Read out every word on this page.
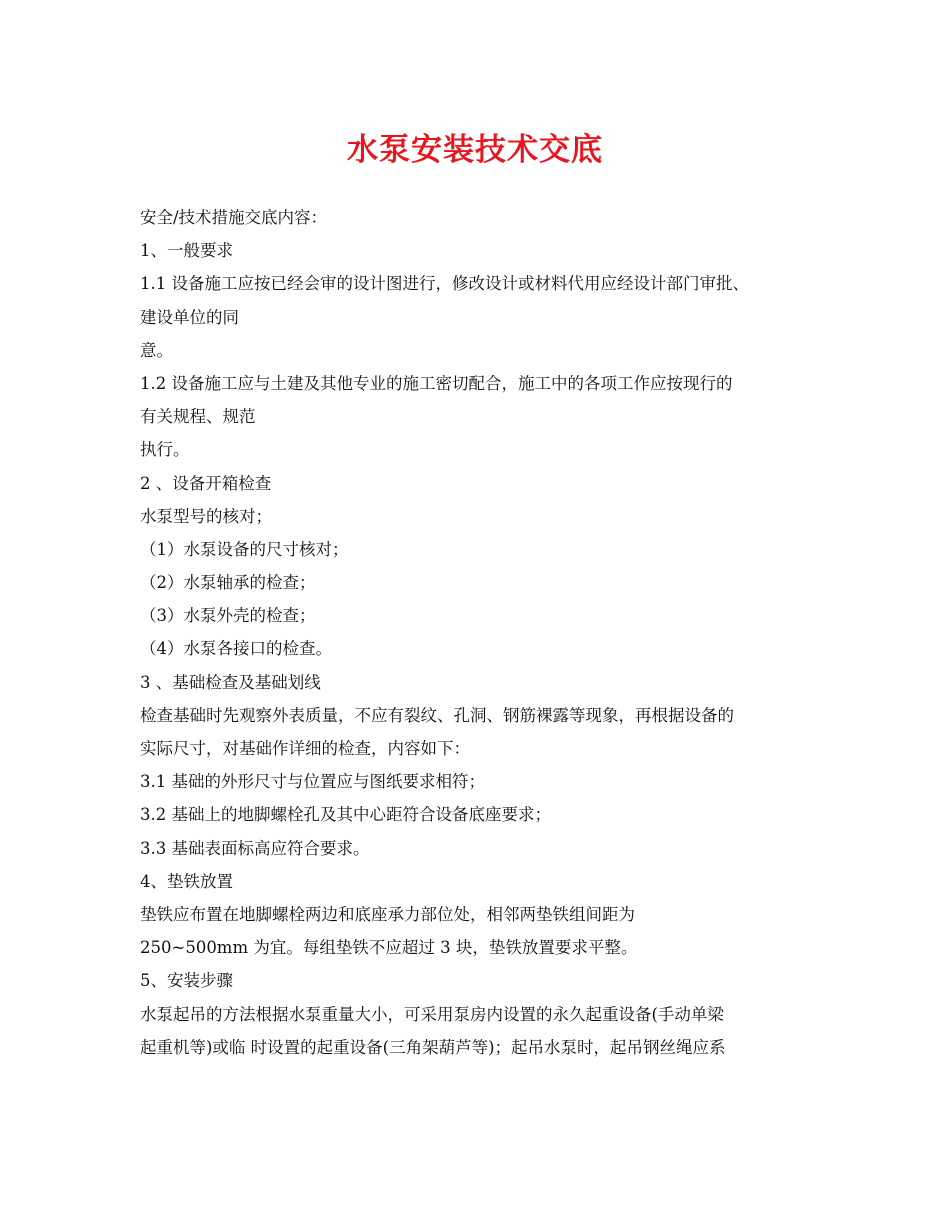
水泵安装技术交底
安全/技术措施交底内容：
1、一般要求
1.1 设备施工应按已经会审的设计图进行，修改设计或材料代用应经设计部门审批、
建设单位的同
意。
1.2 设备施工应与土建及其他专业的施工密切配合，施工中的各项工作应按现行的
有关规程、规范
执行。
2 、设备开箱检查
水泵型号的核对；
（1）水泵设备的尺寸核对；
（2）水泵轴承的检查；
（3）水泵外壳的检查；
（4）水泵各接口的检查。
3 、基础检查及基础划线
检查基础时先观察外表质量，不应有裂纹、孔洞、钢筋裸露等现象，再根据设备的
实际尺寸，对基础作详细的检查，内容如下：
3.1 基础的外形尺寸与位置应与图纸要求相符；
3.2 基础上的地脚螺栓孔及其中心距符合设备底座要求；
3.3 基础表面标高应符合要求。
4、垫铁放置
垫铁应布置在地脚螺栓两边和底座承力部位处，相邻两垫铁组间距为
250~500mm 为宜。每组垫铁不应超过 3 块，垫铁放置要求平整。
5、安装步骤
水泵起吊的方法根据水泵重量大小，可采用泵房内设置的永久起重设备(手动单梁
起重机等)或临 时设置的起重设备(三角架葫芦等)；起吊水泵时，起吊钢丝绳应系
